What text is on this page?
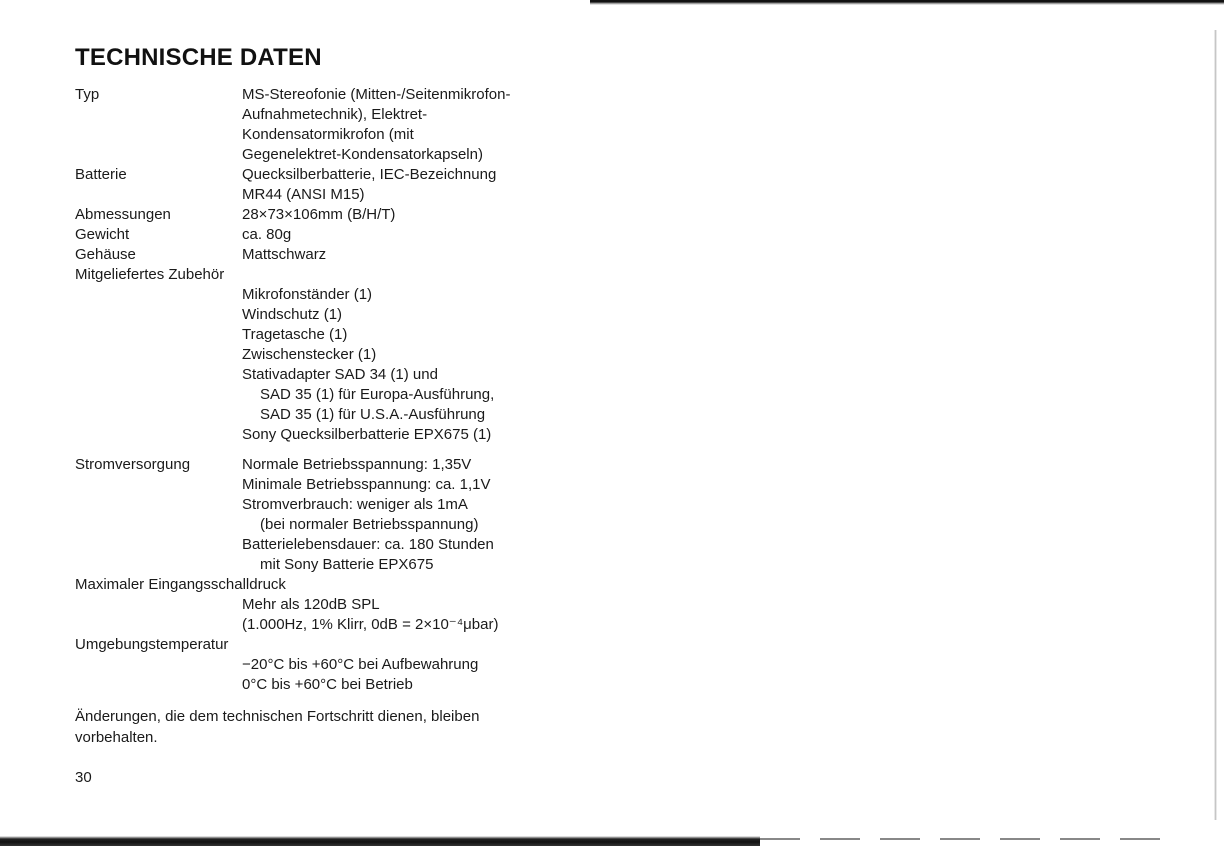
TECHNISCHE DATEN
Typ	MS-Stereofonie (Mitten-/Seitenmikrofon-
Aufnahmetechnik), Elektret-
Kondensatormikrofon (mit
Gegenelektret-Kondensatorkapseln)
Batterie	Quecksilberbatterie, IEC-Bezeichnung
MR44 (ANSI M15)
Abmessungen	28×73×106mm (B/H/T)
Gewicht	ca. 80g
Gehäuse	Mattschwarz
Mitgeliefertes Zubehör
Mikrofonständer (1)
Windschutz (1)
Tragetasche (1)
Zwischenstecker (1)
Stativadapter SAD 34 (1) und
SAD 35 (1) für Europa-Ausführung,
SAD 35 (1) für U.S.A.-Ausführung
Sony Quecksilberbatterie EPX675 (1)
Stromversorgung	Normale Betriebsspannung: 1,35V
Minimale Betriebsspannung: ca. 1,1V
Stromverbrauch: weniger als 1mA
(bei normaler Betriebsspannung)
Batterielebensdauer: ca. 180 Stunden
mit Sony Batterie EPX675
Maximaler Eingangsschalldruck
Mehr als 120dB SPL
(1.000Hz, 1% Klirr, 0dB = 2×10⁻⁴μbar)
Umgebungstemperatur
−20°C bis +60°C bei Aufbewahrung
0°C bis +60°C bei Betrieb
Änderungen, die dem technischen Fortschritt dienen, bleiben vorbehalten.
30
